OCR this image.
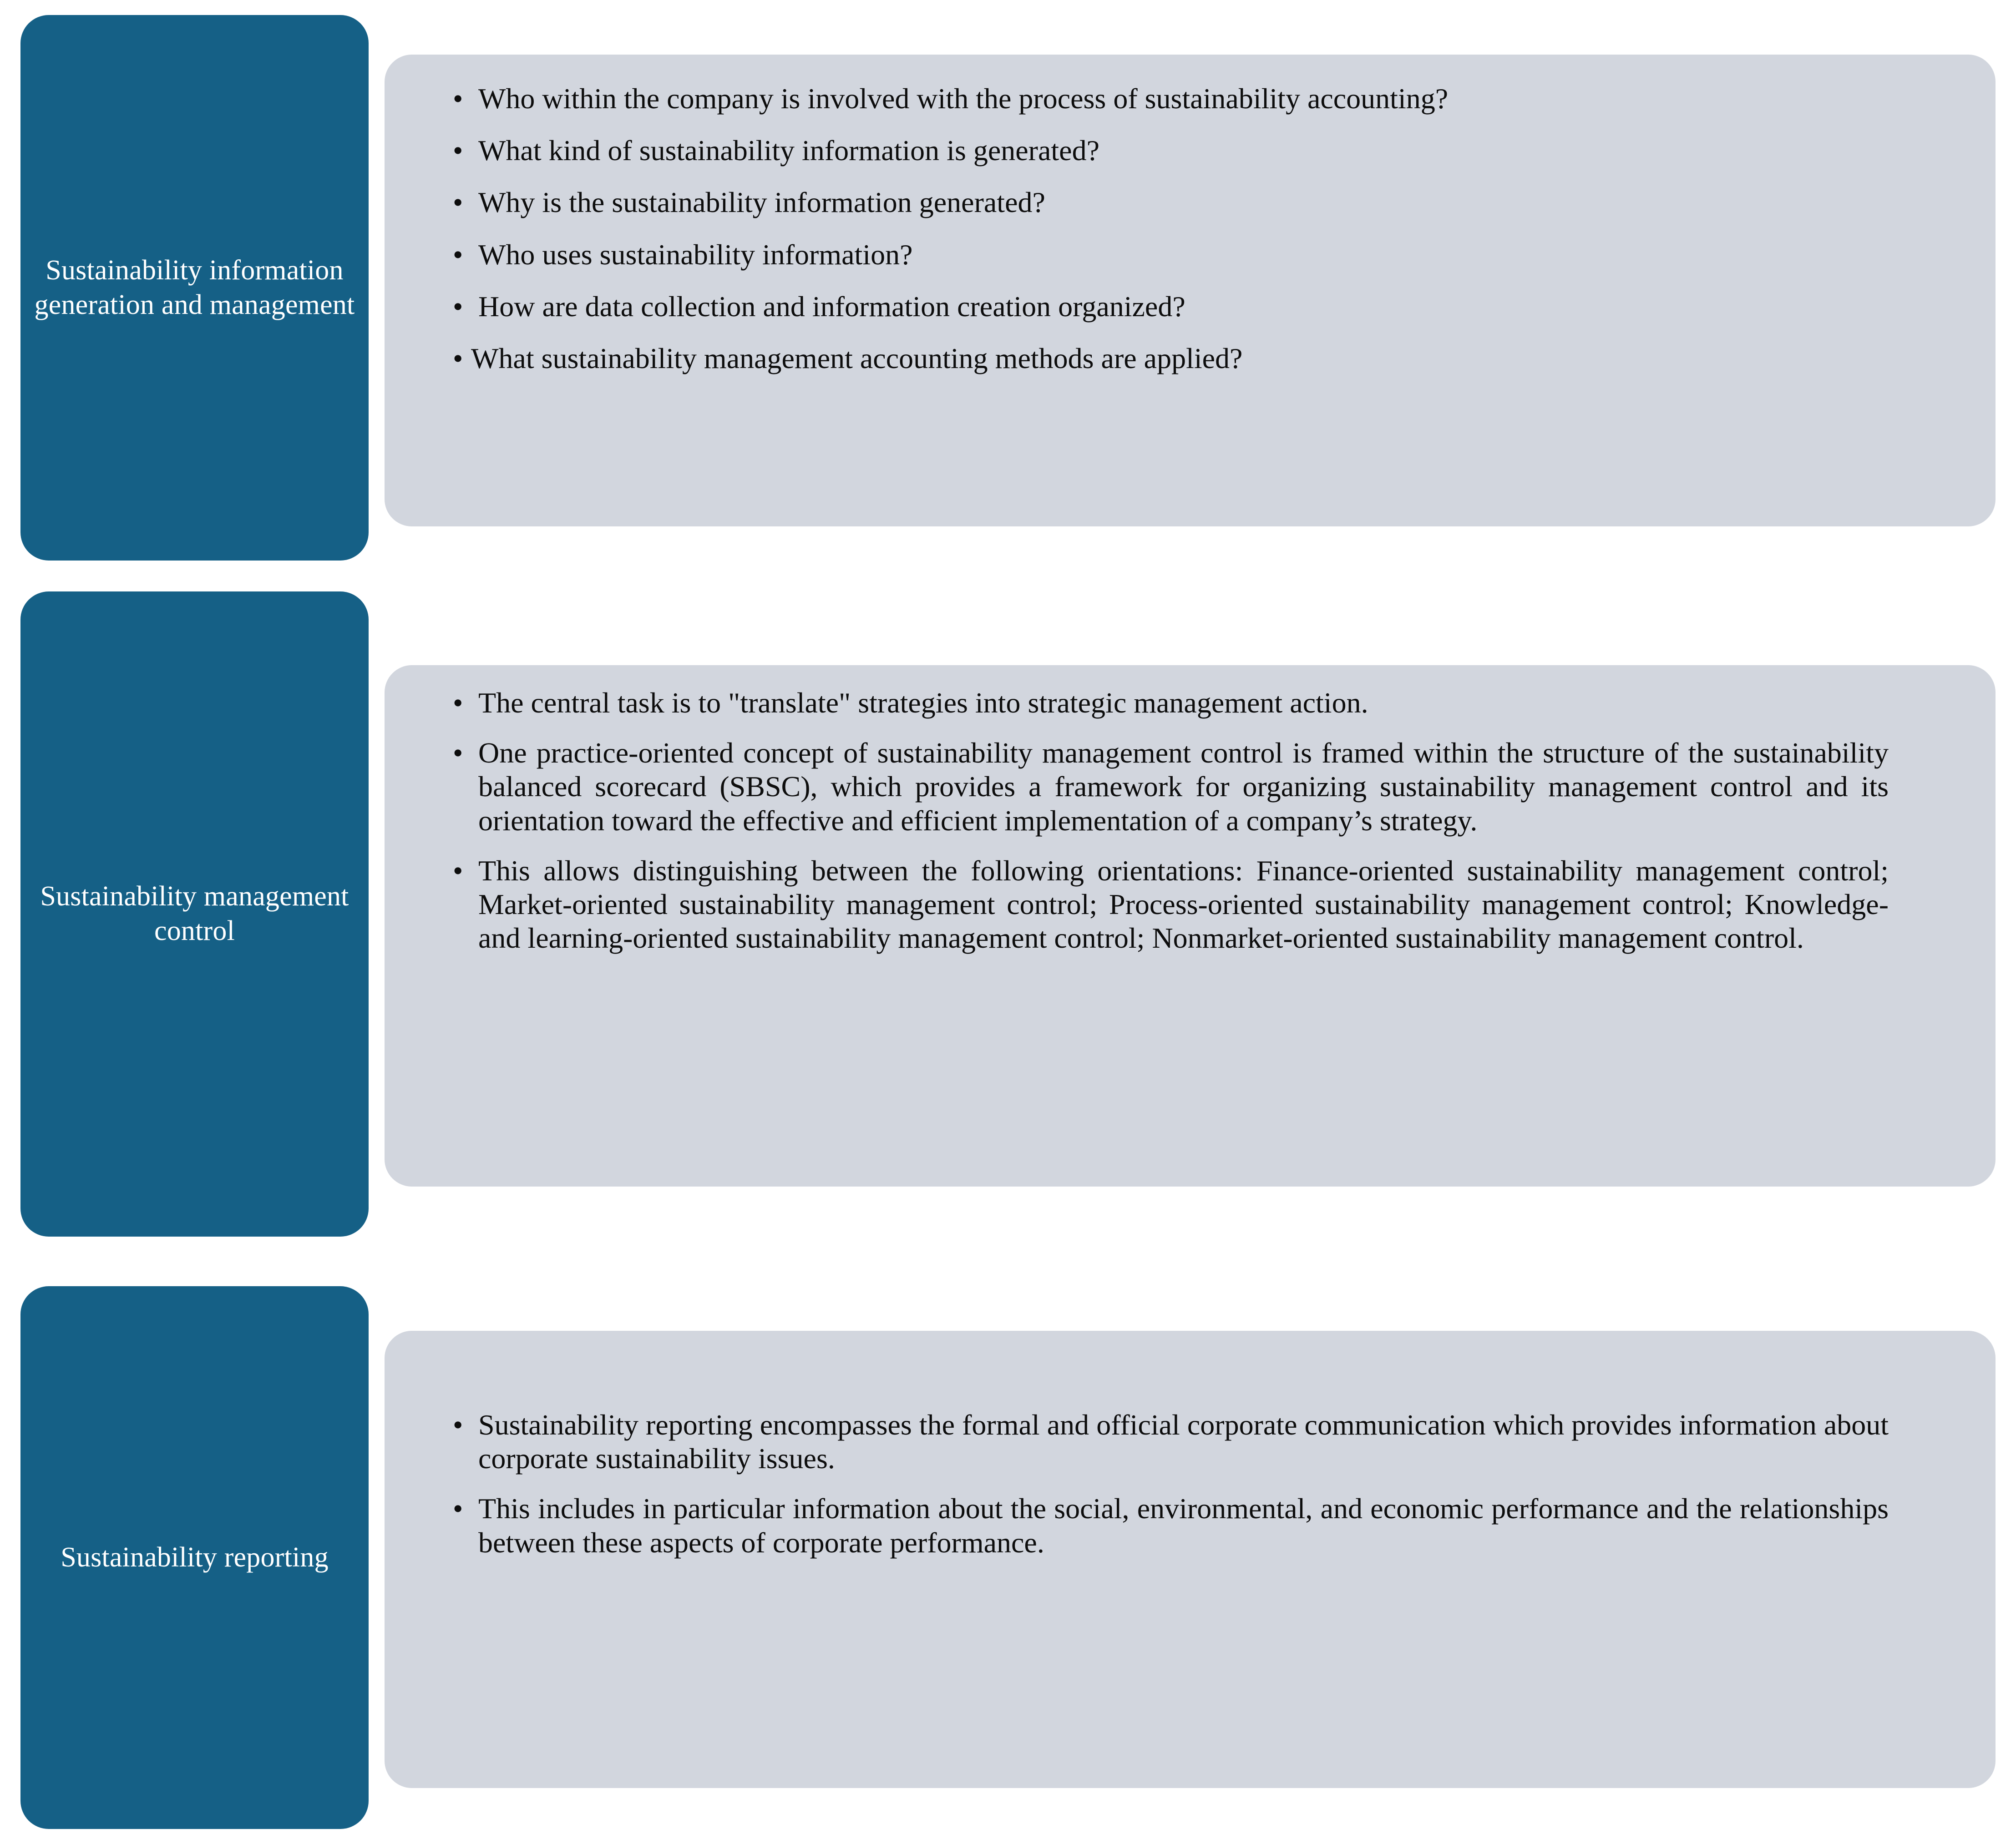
Sustainability information generation and management
• Who within the company is involved with the process of sustainability accounting?
• What kind of sustainability information is generated?
• Why is the sustainability information generated?
• Who uses sustainability information?
• How are data collection and information creation organized?
• What sustainability management accounting methods are applied?
Sustainability management control
• The central task is to "translate" strategies into strategic management action.
• One practice-oriented concept of sustainability management control is framed within the structure of the sustainability balanced scorecard (SBSC), which provides a framework for organizing sustainability management control and its orientation toward the effective and efficient implementation of a company’s strategy.
• This allows distinguishing between the following orientations: Finance-oriented sustainability management control; Market-oriented sustainability management control; Process-oriented sustainability management control; Knowledge- and learning-oriented sustainability management control; Nonmarket-oriented sustainability management control.
Sustainability reporting
• Sustainability reporting encompasses the formal and official corporate communication which provides information about corporate sustainability issues.
• This includes in particular information about the social, environmental, and economic performance and the relationships between these aspects of corporate performance.
